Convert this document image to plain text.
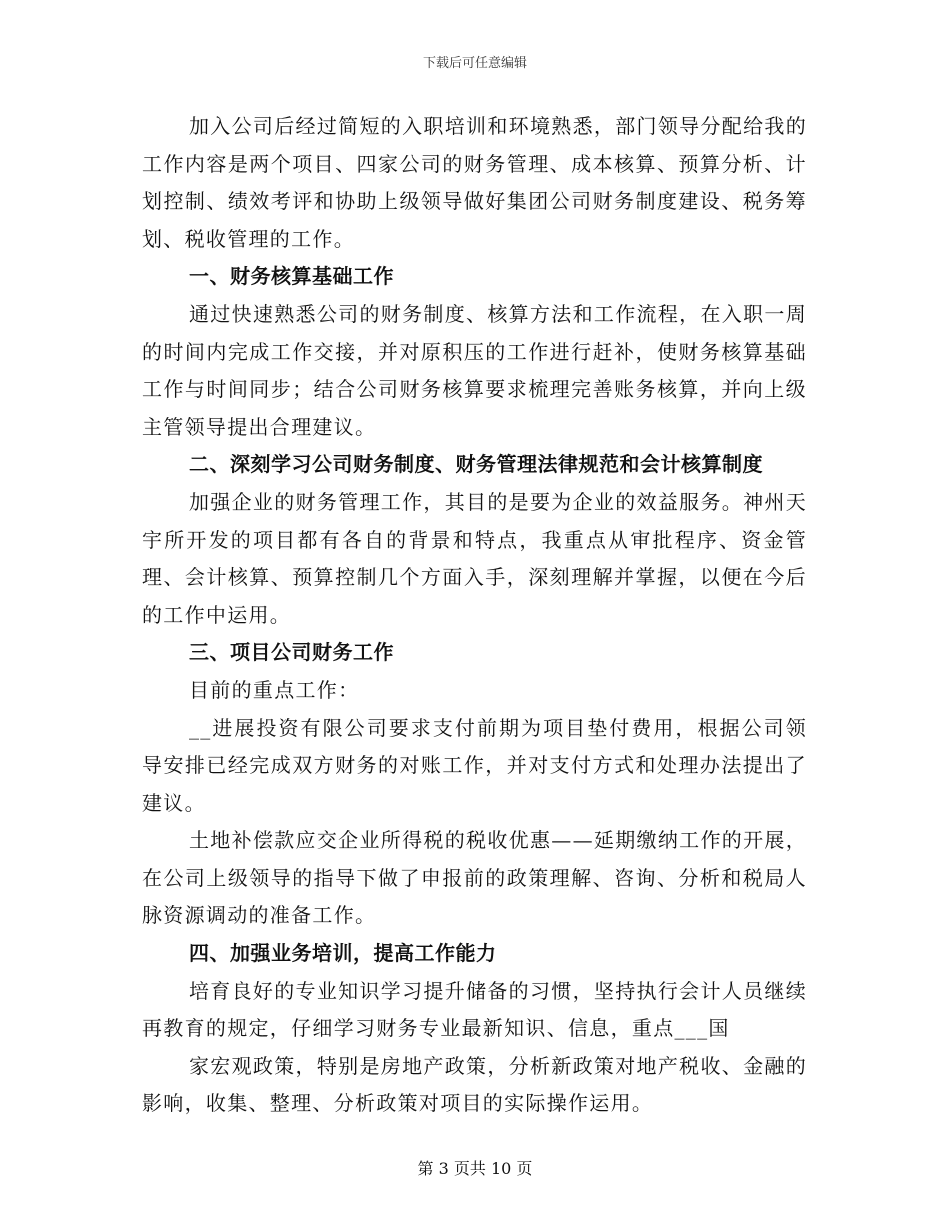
下载后可任意编辑

加入公司后经过简短的入职培训和环境熟悉，部门领导分配给我的工作内容是两个项目、四家公司的财务管理、成本核算、预算分析、计划控制、绩效考评和协助上级领导做好集团公司财务制度建设、税务筹划、税收管理的工作。

一、财务核算基础工作

通过快速熟悉公司的财务制度、核算方法和工作流程，在入职一周的时间内完成工作交接，并对原积压的工作进行赶补，使财务核算基础工作与时间同步；结合公司财务核算要求梳理完善账务核算，并向上级主管领导提出合理建议。

二、深刻学习公司财务制度、财务管理法律规范和会计核算制度

加强企业的财务管理工作，其目的是要为企业的效益服务。神州天宇所开发的项目都有各自的背景和特点，我重点从审批程序、资金管理、会计核算、预算控制几个方面入手，深刻理解并掌握，以便在今后的工作中运用。

三、项目公司财务工作

目前的重点工作：

__进展投资有限公司要求支付前期为项目垫付费用，根据公司领导安排已经完成双方财务的对账工作，并对支付方式和处理办法提出了建议。

土地补偿款应交企业所得税的税收优惠——延期缴纳工作的开展，在公司上级领导的指导下做了申报前的政策理解、咨询、分析和税局人脉资源调动的准备工作。

四、加强业务培训，提高工作能力

培育良好的专业知识学习提升储备的习惯，坚持执行会计人员继续再教育的规定，仔细学习财务专业最新知识、信息，重点___国

家宏观政策，特别是房地产政策，分析新政策对地产税收、金融的影响，收集、整理、分析政策对项目的实际操作运用。

第 3 页共 10 页
